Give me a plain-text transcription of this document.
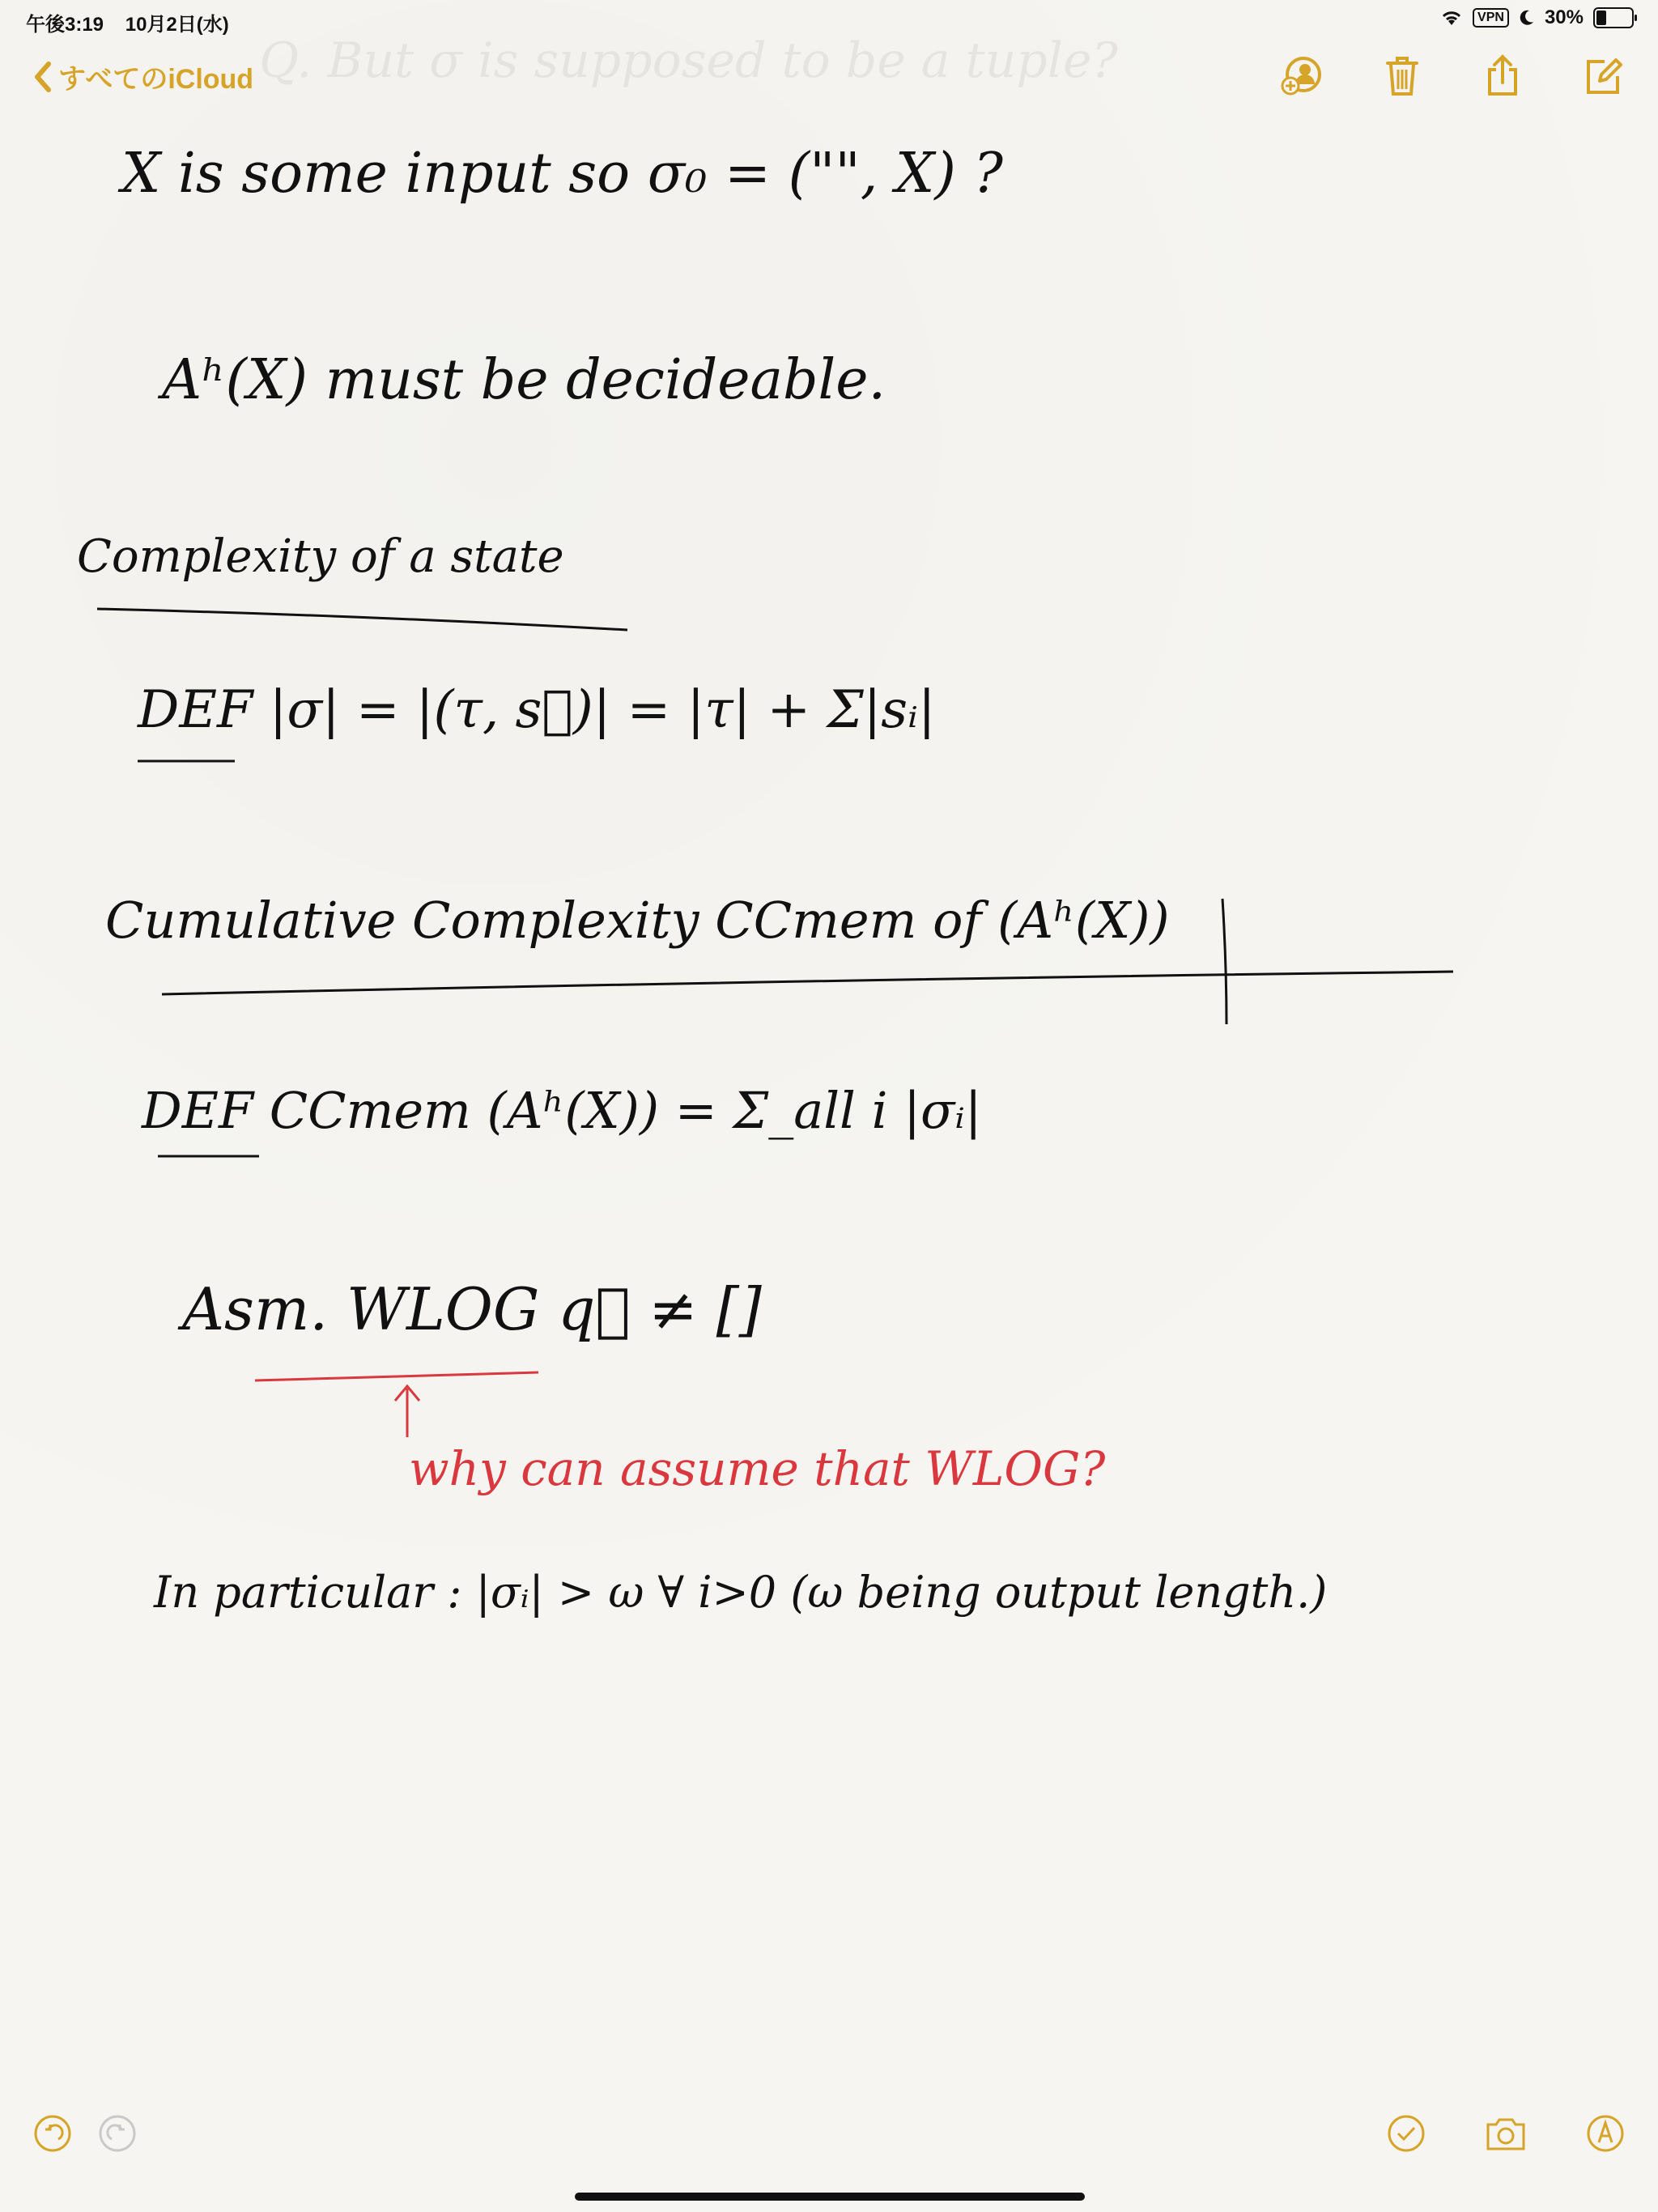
午後3:19 10月2日(水)	VPN 30%
すべてのiCloud Q. But σ is supposed to be a tuple?
X is some input so σ₀ = ("", X) ?
Aʰ(X) must be decideable.
Complexity of a state
DEF |σ| = |(τ, s⃗)| = |τ| + Σ|sᵢ|
Cumulative Complexity CCmem of (Aʰ(X))
DEF CCmem (Aʰ(X)) = Σ_all i |σᵢ|
Asm. WLOG q⃗ ≠ []
why can assume that WLOG?
In particular : |σᵢ| > ω ∀ i>0 (ω being output length.)
